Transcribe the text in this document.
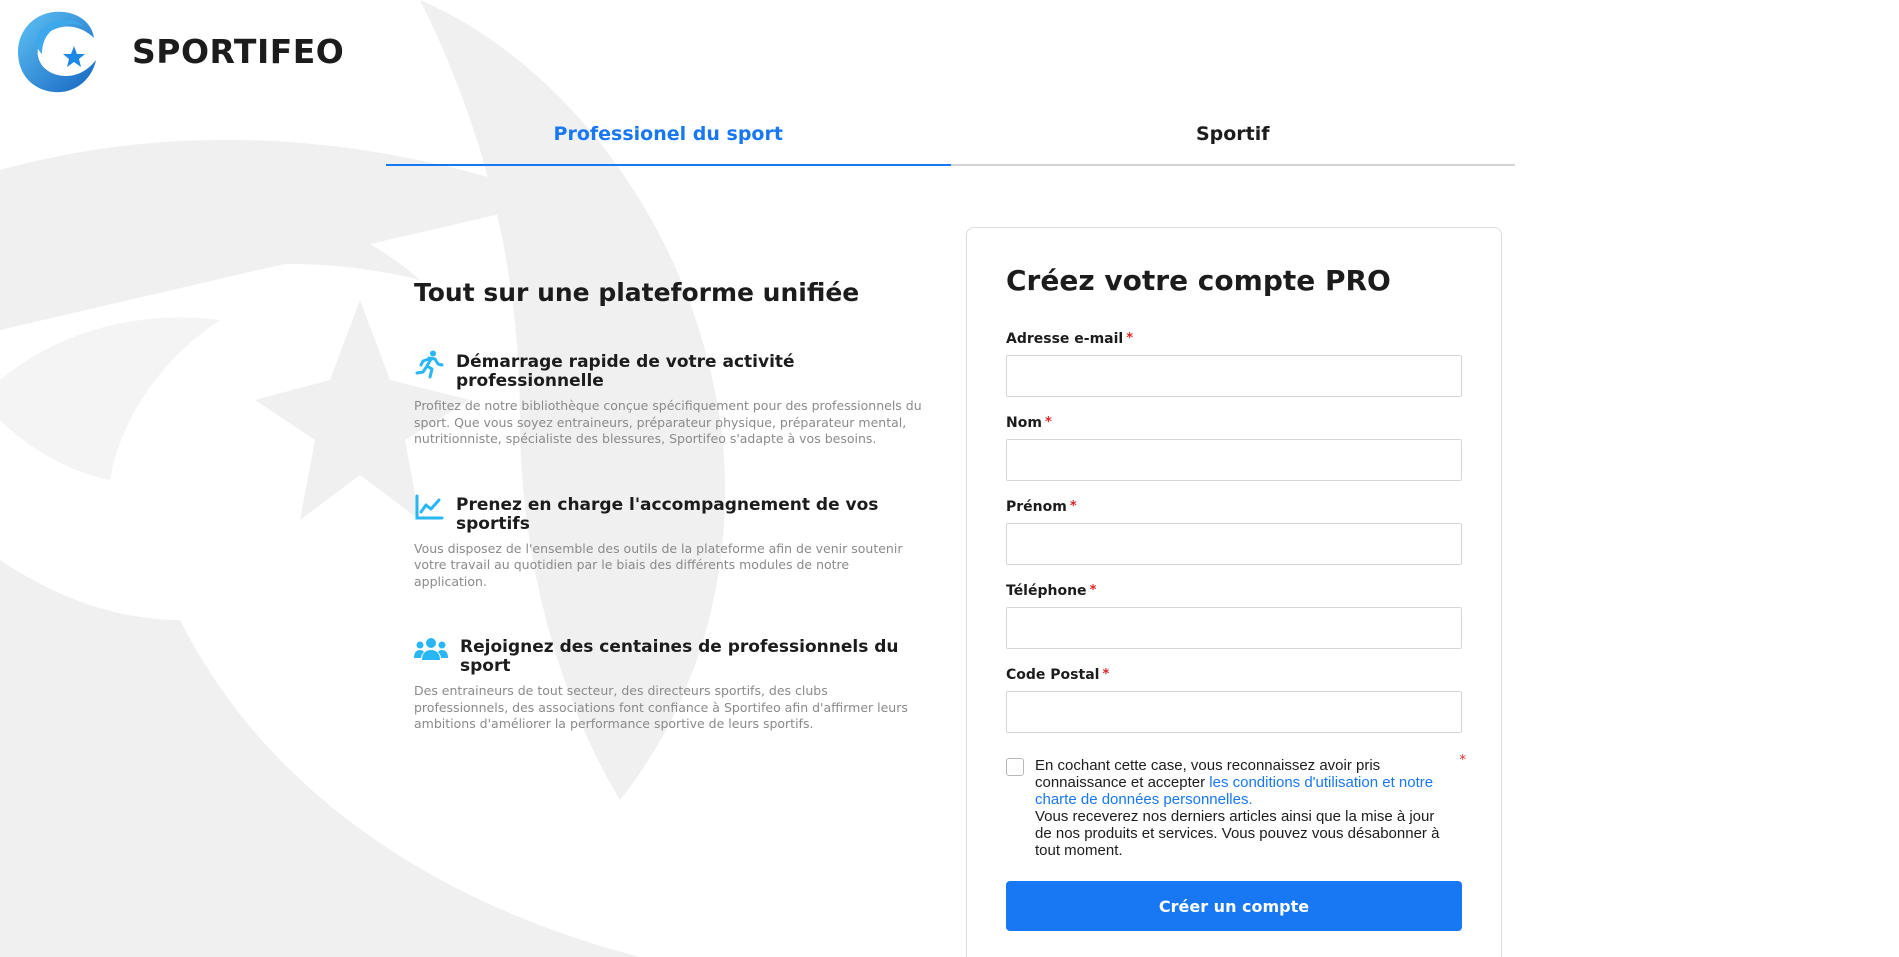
SPORTIFEO
Professionel du sport	Sportif
Tout sur une plateforme unifiée
Démarrage rapide de votre activité professionnelle
Profitez de notre bibliothèque conçue spécifiquement pour des professionnels du sport. Que vous soyez entraineurs, préparateur physique, préparateur mental, nutritionniste, spécialiste des blessures, Sportifeo s'adapte à vos besoins.
Prenez en charge l'accompagnement de vos sportifs
Vous disposez de l'ensemble des outils de la plateforme afin de venir soutenir votre travail au quotidien par le biais des différents modules de notre application.
Rejoignez des centaines de professionnels du sport
Des entraineurs de tout secteur, des directeurs sportifs, des clubs professionnels, des associations font confiance à Sportifeo afin d'affirmer leurs ambitions d'améliorer la performance sportive de leurs sportifs.
Créez votre compte PRO
Adresse e-mail *
Nom *
Prénom *
Téléphone *
Code Postal *
En cochant cette case, vous reconnaissez avoir pris connaissance et accepter les conditions d'utilisation et notre charte de données personnelles.
Vous receverez nos derniers articles ainsi que la mise à jour de nos produits et services. Vous pouvez vous désabonner à tout moment.
*
Créer un compte
